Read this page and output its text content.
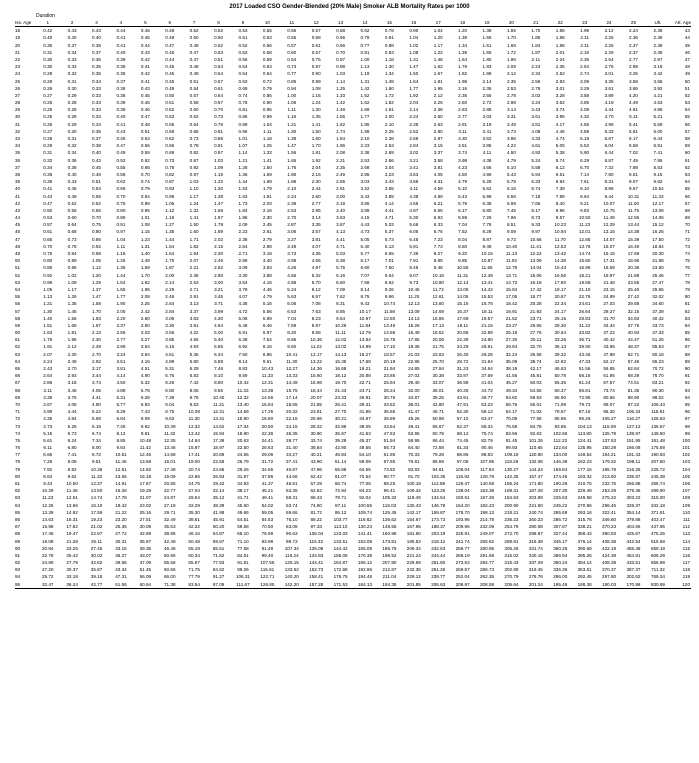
2017 Loaded CSO Gender-Blended (20% Male) Smoker ALB Mortality Rates per 1000
Duration
Iss. Age	1	2	3	4	5	6	7	8	9	10	11	12	13	14	15	16	17	18	19	20	21	22	23	24	25	Ult.	Att. Age
18	0.42	0.43	0.43	0.44	0.45	0.48	0.52	0.52	0.53	0.55	0.56	0.57	0.58	0.62	0.78	0.90	1.04	1.20	1.38	1.55	1.70	1.85	1.99	2.12	2.24	2.35	43
19	0.40	0.40	0.40	0.41	0.45	0.49	0.50	0.50	0.51	0.53	0.55	0.58	0.65	0.78	0.91	1.04	1.20	1.38	1.55	1.70	1.85	1.98	2.11	2.25	2.36	2.36	44
20	0.36	0.37	0.38	0.41	0.44	0.47	0.49	0.52	0.52	0.56	0.57	0.61	0.66	0.77	0.88	1.02	1.17	1.34	1.51	1.68	1.84	1.98	2.11	2.25	2.37	2.38	45
21	0.31	0.34	0.37	0.40	0.43	0.46	0.47	0.53	0.53	0.58	0.60	0.67	0.70	0.81	0.93	1.08	1.22	1.39	1.55	1.72	1.87	2.01	2.16	2.29	2.37	2.39	46
22	0.30	0.33	0.36	0.39	0.42	0.44	0.47	0.51	0.56	0.59	0.64	0.75	0.87	1.00	1.18	1.31	1.48	1.64	1.80	1.96	2.11	2.24	2.36	2.54	2.77	2.97	47
23	0.30	0.33	0.35	0.38	0.41	0.45	0.48	0.54	0.54	0.63	0.73	0.87	0.98	1.13	1.30	1.47	1.62	1.79	1.93	2.09	2.24	2.36	2.54	2.76	2.98	3.19	48
24	0.29	0.32	0.35	0.38	0.42	0.45	0.49	0.54	0.54	0.64	0.77	0.90	1.03	1.19	1.34	1.50	1.67	1.82	1.98	2.12	2.34	2.52	2.74	3.01	3.25	3.42	49
25	0.28	0.31	0.34	0.37	0.41	0.45	0.51	0.57	0.63	0.72	0.85	0.99	1.14	1.31	1.48	1.64	1.81	1.98	2.14	2.35	2.56	2.83	3.09	3.35	3.58	3.65	50
26	0.28	0.30	0.33	0.38	0.43	0.49	0.54	0.61	0.69	0.79	0.94	1.08	1.25	1.42	1.60	1.77	1.95	2.16	2.35	2.53	2.78	3.01	3.29	3.61	3.86	3.92	51
27	0.27	0.29	0.33	0.38	0.45	0.50	0.57	0.64	0.74	0.85	1.00	1.16	1.33	1.52	1.72	1.92	2.12	2.35	2.55	2.78	3.02	3.28	3.58	3.89	4.20	4.21	52
28	0.25	0.28	0.33	0.39	0.45	0.51	0.58	0.67	0.78	0.90	1.06	1.24	1.42	1.62	1.82	2.04	2.26	2.50	2.72	2.98	3.24	3.52	3.85	4.19	4.49	4.53	53
29	0.25	0.28	0.33	0.39	0.46	0.52	0.60	0.70	0.81	0.95	1.11	1.30	1.48	1.69	1.91	2.14	2.38	2.63	2.88	3.14	3.43	3.74	4.08	4.44	4.81	4.86	54
30	0.25	0.28	0.33	0.40	0.47	0.53	0.62	0.73	0.86	0.99	1.16	1.35	1.55	1.77	2.00	2.24	2.50	2.77	3.03	3.31	3.61	3.95	4.32	4.70	5.11	5.21	55
31	0.26	0.29	0.34	0.41	0.48	0.55	0.64	0.76	0.89	1.04	1.21	1.41	1.62	1.85	2.10	2.35	2.63	2.91	3.19	3.49	3.81	4.17	4.56	4.98	5.41	5.59	56
32	0.27	0.30	0.35	0.43	0.51	0.59	0.68	0.81	0.96	1.11	1.30	1.50	1.74	1.99	2.25	2.52	2.80	3.11	3.41	3.73	4.08	4.46	4.89	5.33	5.81	6.00	57
33	0.28	0.31	0.37	0.45	0.53	0.62	0.73	0.86	1.01	1.18	1.38	1.60	1.84	2.10	2.38	2.66	2.97	3.30	3.62	3.96	4.33	4.74	5.19	5.67	6.17	6.44	58
34	0.29	0.32	0.38	0.47	0.56	0.66	0.78	0.91	1.07	1.25	1.47	1.70	1.96	2.23	2.53	2.84	3.16	3.51	3.86	4.22	4.61	5.05	5.53	6.04	6.58	6.91	59
35	0.31	0.34	0.40	0.49	0.59	0.69	0.82	0.97	1.14	1.33	1.56	1.81	2.08	2.38	2.69	3.02	3.37	3.74	4.11	4.50	4.92	5.38	5.90	6.44	7.02	7.41	60
36	0.32	0.36	0.43	0.52	0.62	0.73	0.87	1.03	1.21	1.41	1.65	1.92	2.21	2.53	2.86	3.21	3.58	3.98	4.38	4.79	5.24	5.74	6.29	6.87	7.49	7.95	61
37	0.34	0.38	0.45	0.55	0.66	0.78	0.92	1.09	1.28	1.50	1.76	2.04	2.35	2.68	3.04	3.41	3.81	4.23	4.66	5.10	5.58	6.12	6.70	7.32	7.98	8.53	62
38	0.36	0.40	0.48	0.58	0.70	0.82	0.97	1.15	1.36	1.59	1.86	2.16	2.49	2.85	3.23	3.63	4.05	4.50	4.96	5.43	5.94	6.51	7.14	7.80	8.51	9.15	63
39	0.39	0.43	0.51	0.62	0.74	0.87	1.03	1.22	1.44	1.69	1.98	2.30	2.65	3.03	3.43	3.86	4.31	4.79	5.28	5.78	6.33	6.94	7.61	8.31	9.07	9.82	64
40	0.41	0.46	0.54	0.66	0.79	0.93	1.10	1.30	1.53	1.79	2.10	2.44	2.81	3.22	3.65	4.11	4.59	5.10	5.62	6.16	6.74	7.39	8.10	8.86	9.67	10.54	65
41	0.44	0.49	0.58	0.70	0.84	0.99	1.17	1.38	1.63	1.91	2.24	2.60	3.00	3.43	3.89	4.38	4.89	5.43	5.99	6.56	7.18	7.88	8.64	9.44	10.31	11.33	66
42	0.47	0.52	0.62	0.75	0.89	1.05	1.24	1.47	1.73	2.03	2.38	2.77	3.19	3.65	4.14	4.66	5.21	5.79	6.38	6.99	7.66	8.40	9.21	10.07	11.00	12.17	67
43	0.50	0.56	0.66	0.80	0.95	1.12	1.32	1.56	1.84	2.16	2.53	2.95	3.40	3.89	4.41	4.97	5.55	6.17	6.80	7.45	8.17	8.96	9.83	10.75	11.75	13.08	68
44	0.53	0.60	0.70	0.85	1.01	1.19	1.41	1.67	1.96	2.30	2.70	3.14	3.63	4.15	4.71	5.30	5.93	6.59	7.26	7.96	8.73	9.57	10.50	11.49	12.56	14.06	69
45	0.57	0.64	0.75	0.91	1.08	1.27	1.50	1.78	2.09	2.45	2.87	3.35	3.87	4.43	5.03	5.66	6.33	7.04	7.76	8.51	9.33	10.23	11.23	12.29	13.44	15.12	70
46	0.61	0.68	0.80	0.97	1.15	1.35	1.60	1.89	2.23	2.61	3.06	3.57	4.13	4.73	5.37	6.05	6.76	7.52	8.29	9.09	9.97	10.94	12.01	13.15	14.38	16.26	71
47	0.65	0.73	0.86	1.04	1.23	1.44	1.71	2.02	2.38	2.79	3.27	3.81	4.41	5.05	5.73	6.46	7.23	8.04	8.87	9.72	10.66	11.70	12.85	14.07	15.39	17.50	72
48	0.70	0.78	0.92	1.11	1.31	1.54	1.82	2.15	2.54	2.98	3.49	4.07	4.71	5.40	6.13	6.91	7.73	8.60	9.49	10.40	11.41	12.53	13.76	15.07	16.49	18.84	73
49	0.75	0.84	0.98	1.18	1.40	1.64	1.94	2.30	2.71	3.18	3.73	4.35	5.03	5.77	6.55	7.39	8.27	9.20	10.15	11.13	12.22	13.42	14.74	16.15	17.68	20.30	74
50	0.80	0.89	1.05	1.26	1.49	1.75	2.07	2.45	2.89	3.40	3.98	4.65	5.38	6.17	7.01	7.91	8.85	9.85	10.87	11.92	13.09	14.38	15.80	17.31	18.96	21.88	75
51	0.86	0.96	1.12	1.35	1.59	1.87	2.21	2.62	3.09	3.63	4.26	4.97	5.75	6.60	7.50	8.46	9.48	10.55	11.65	12.78	14.04	15.43	16.96	18.59	20.36	23.60	76
52	0.92	1.02	1.20	1.44	1.70	2.00	2.36	2.80	3.30	3.88	4.56	5.32	6.16	7.07	8.04	9.07	10.16	11.31	12.49	13.71	15.06	16.56	18.21	19.97	21.88	25.46	77
53	0.98	1.09	1.28	1.54	1.82	2.14	2.53	3.00	3.54	4.16	4.88	5.70	6.60	7.58	8.62	9.73	10.90	12.14	13.41	14.72	16.18	17.80	19.58	21.48	23.55	27.47	78
54	1.05	1.17	1.37	1.65	1.95	2.29	2.71	3.21	3.79	4.46	5.24	6.12	7.09	8.14	9.26	10.46	11.72	13.05	14.42	15.84	17.42	19.17	21.10	23.15	25.40	29.65	79
55	1.13	1.26	1.47	1.77	2.09	2.46	2.91	3.45	4.07	4.79	5.63	6.57	7.62	8.75	9.96	11.25	12.61	14.05	15.53	17.06	18.77	20.67	22.76	24.99	27.42	32.02	80
56	1.21	1.35	1.58	1.90	2.25	2.64	3.13	3.71	4.38	5.16	6.06	7.08	8.21	9.43	10.74	12.13	13.60	15.16	16.76	18.42	20.28	22.34	24.61	27.03	29.68	34.60	81
57	1.30	1.45	1.70	2.05	2.42	2.84	3.37	3.99	4.72	5.56	6.53	7.63	8.85	10.17	11.58	13.09	14.69	16.37	18.11	19.91	21.93	24.17	26.64	29.27	32.15	37.39	82
58	1.40	1.56	1.83	2.20	2.60	3.06	3.63	4.30	5.08	5.99	7.04	8.23	9.54	10.97	12.50	14.13	15.86	17.69	19.57	21.52	23.71	26.15	28.83	31.70	34.83	40.42	83
59	1.51	1.68	1.97	2.37	2.80	3.30	3.91	4.64	5.48	6.46	7.59	8.87	10.29	11.84	13.49	15.26	17.13	19.11	21.15	23.27	25.65	28.30	31.22	34.34	37.75	43.73	84
60	1.63	1.81	2.13	2.56	3.03	3.56	4.22	5.00	5.91	6.97	8.20	9.58	11.11	12.79	14.58	16.49	18.52	20.66	22.88	25.18	27.76	30.64	33.82	37.22	40.93	47.33	85
61	1.76	1.96	2.30	2.77	3.27	3.85	4.56	5.40	6.39	7.54	8.86	10.36	12.02	13.84	15.78	17.86	20.06	22.39	24.80	27.30	30.11	33.25	36.71	40.42	44.47	51.26	86
62	1.91	2.12	2.49	2.99	3.54	4.16	4.93	5.85	6.92	8.16	9.60	11.22	13.02	14.99	17.10	19.36	21.75	24.29	26.91	29.64	32.70	36.13	39.90	43.95	48.37	55.53	87
63	2.07	2.30	2.70	3.24	3.84	4.51	5.35	6.34	7.50	8.85	10.41	12.17	14.13	16.27	18.57	21.03	23.63	26.40	29.26	32.24	35.58	39.32	43.45	47.88	52.71	60.18	88
64	2.24	2.49	2.92	3.51	4.16	4.89	5.80	6.88	8.14	9.61	11.30	13.22	15.35	17.68	20.19	22.86	25.70	28.72	31.84	35.09	38.74	42.82	47.33	52.17	57.46	65.23	89
65	2.43	2.70	3.17	3.81	4.51	5.31	6.29	7.46	8.83	10.43	12.27	14.36	16.68	19.21	21.94	24.85	27.94	31.23	34.64	38.19	42.17	46.63	51.56	56.85	62.64	70.72	90
66	2.64	2.93	3.44	4.14	4.90	5.76	6.83	8.10	9.59	11.33	13.33	15.60	18.12	20.88	23.85	27.02	30.38	33.97	37.69	41.56	45.91	50.78	56.16	61.95	68.29	76.70	91
67	2.86	3.18	3.74	4.50	5.32	6.26	7.42	8.80	10.42	12.31	14.49	16.96	19.70	22.71	25.94	29.40	33.07	36.98	41.04	45.27	50.03	55.35	61.24	67.57	74.51	83.21	92
68	3.11	3.46	4.06	4.88	5.78	6.80	8.06	9.56	11.33	13.38	15.75	18.44	21.43	24.71	28.24	32.00	36.01	40.28	44.72	49.34	54.55	60.37	66.81	73.74	81.35	90.30	93
69	3.38	3.76	4.41	5.31	6.28	7.39	8.76	10.40	12.32	14.56	17.14	20.07	23.33	26.91	30.76	34.87	39.25	43.91	48.77	53.82	59.53	65.90	72.96	80.56	88.90	98.02	94
70	3.67	4.08	4.80	5.77	6.83	8.04	9.53	11.31	13.40	15.84	18.65	21.85	25.41	29.31	33.52	38.01	42.80	47.91	53.23	58.76	65.01	71.99	79.73	88.07	97.22	106.43	95
71	3.99	4.44	5.22	6.28	7.43	8.75	10.38	12.31	14.59	17.25	20.32	23.81	27.70	31.96	36.56	41.47	46.71	52.30	58.12	64.17	71.02	78.67	87.16	96.30	106.34	115.61	96
72	4.35	4.84	5.68	6.84	8.09	9.53	11.30	13.41	15.90	18.80	22.15	25.96	30.21	34.87	39.89	45.26	50.98	57.10	63.47	70.09	77.58	85.96	95.26	105.27	116.27	125.63	97
73	4.73	5.26	6.19	7.45	8.82	10.39	12.32	14.62	17.34	20.50	24.15	28.32	32.96	38.05	43.54	49.41	55.67	62.37	69.34	76.58	84.78	93.95	104.13	115.09	127.13	136.57	98
74	5.15	5.73	6.74	8.12	9.61	11.32	13.42	15.94	18.90	22.36	26.35	30.90	35.97	41.53	47.53	53.95	60.79	68.12	75.74	83.66	92.63	102.66	113.80	125.79	138.97	148.50	99
75	5.61	6.24	7.34	8.85	10.48	12.35	14.64	17.39	20.63	24.41	28.77	33.74	39.29	45.37	51.94	58.95	66.44	74.45	82.79	91.45	101.26	112.23	124.41	137.53	151.95	161.48	100
76	6.11	6.80	8.00	9.64	11.42	13.46	15.97	18.97	22.50	26.63	31.40	36.84	42.90	49.55	56.73	64.40	72.58	81.34	90.46	99.93	110.65	122.64	135.95	150.29	166.06	175.59	101
77	6.66	7.41	8.72	10.51	12.45	14.68	17.41	20.69	24.55	29.06	34.27	40.21	46.84	54.10	61.95	70.33	79.28	88.86	98.83	109.18	120.90	134.00	148.54	164.21	181.43	190.93	102
78	7.26	8.08	9.51	11.46	13.58	16.01	19.00	22.58	26.79	31.72	37.41	43.90	51.14	59.08	67.65	76.81	86.59	97.06	107.95	119.26	132.06	146.36	162.23	179.32	198.11	207.60	103
79	7.92	8.82	10.38	12.51	14.82	17.48	20.74	24.65	29.26	34.65	40.87	47.96	55.88	64.55	73.92	83.93	94.61	106.04	117.93	130.27	144.24	159.84	177.15	195.78	216.25	225.72	104
80	8.64	9.62	11.33	13.66	16.18	19.09	22.66	26.93	31.97	37.86	44.66	52.42	61.07	70.54	80.77	91.70	103.35	115.82	128.78	142.25	157.47	174.46	193.32	213.60	235.87	245.39	105
81	9.43	10.50	12.37	14.91	17.67	20.85	24.75	29.42	34.93	41.37	48.81	57.29	66.74	77.08	88.25	100.18	112.88	126.47	140.58	155.24	171.80	190.26	210.75	232.75	256.88	266.74	106
82	10.29	11.46	13.50	16.28	19.29	22.77	27.04	32.14	38.17	45.21	53.35	62.62	72.94	84.23	96.41	109.42	123.25	138.04	153.38	169.31	187.28	207.30	229.49	253.29	279.36	289.90	107
83	11.23	12.51	14.74	17.78	21.07	24.87	29.54	35.12	41.71	49.41	58.31	68.43	79.71	92.04	105.32	119.49	134.54	150.61	167.26	184.53	203.99	225.63	249.58	275.22	303.22	315.00	108
84	12.26	13.66	16.10	19.42	23.02	27.18	32.29	38.39	45.60	54.02	63.74	74.80	87.11	100.55	115.02	130.43	146.78	164.20	182.23	200.90	221.90	245.22	270.96	298.45	328.37	342.18	109
85	13.39	14.92	17.59	21.22	25.16	29.71	35.30	41.98	49.86	59.05	69.66	81.72	95.12	109.74	125.45	142.17	159.87	178.70	198.13	218.21	240.74	265.69	293.16	322.41	354.14	371.61	110
86	14.63	16.31	19.23	23.20	27.51	32.49	38.61	45.91	54.51	64.53	76.10	89.22	103.77	119.62	136.62	154.67	173.73	193.96	214.78	236.23	260.23	286.72	315.78	346.60	379.88	403.47	111
87	15.98	17.82	21.02	25.36	30.08	35.53	42.22	50.20	59.58	70.50	83.08	97.33	113.10	130.23	148.55	167.95	188.37	209.96	232.09	254.79	280.08	307.87	338.21	370.23	404.66	437.95	112
88	17.46	19.47	22.97	27.72	32.89	38.85	46.16	54.87	65.10	76.98	90.63	106.04	123.03	141.41	160.98	181.60	203.19	225.91	249.07	272.70	298.87	327.44	358.43	390.93	425.67	475.25	113
89	19.08	21.28	25.11	30.31	35.97	42.49	50.48	59.97	71.10	83.98	98.73	115.32	133.51	153.09	173.81	195.53	218.12	241.74	265.62	289.81	316.38	345.17	376.14	408.38	442.54	515.58	114
90	20.84	23.25	27.45	33.15	39.35	46.48	55.19	65.51	77.58	91.49	107.34	125.08	144.42	165.09	186.79	209.34	232.63	256.77	280.95	305.26	331.74	360.25	390.69	422.19	455.38	559.19	115
91	22.78	25.42	30.02	36.27	43.07	50.86	60.34	71.52	84.51	99.40	116.24	134.93	155.09	176.39	198.52	221.24	244.44	268.19	291.68	315.02	340.15	366.94	395.26	424.38	454.91	606.29	116
92	24.89	27.79	32.82	39.66	47.09	55.58	65.87	77.93	91.81	107.55	125.15	144.41	164.87	186.12	207.80	229.69	251.60	273.53	294.77	315.43	337.29	360.24	384.14	408.38	433.51	656.98	117
93	27.20	30.37	35.87	43.34	51.45	60.66	71.75	84.62	99.26	115.61	133.52	152.73	172.68	192.86	212.87	232.36	251.26	269.57	286.73	302.89	319.45	336.36	353.51	370.37	387.37	711.32	118
94	29.72	33.18	39.18	47.31	56.09	66.00	77.79	91.27	106.31	122.71	140.20	158.41	176.75	194.48	211.04	226.12	239.77	252.04	262.35	270.79	278.76	286.00	292.45	297.80	302.62	769.34	119
95	32.47	36.24	42.77	51.56	60.94	71.38	83.54	97.09	111.67	126.85	142.20	157.28	171.53	184.13	194.35	201.85	206.63	208.97	208.58	205.64	201.24	195.49	188.38	180.03	170.98	830.99	120
